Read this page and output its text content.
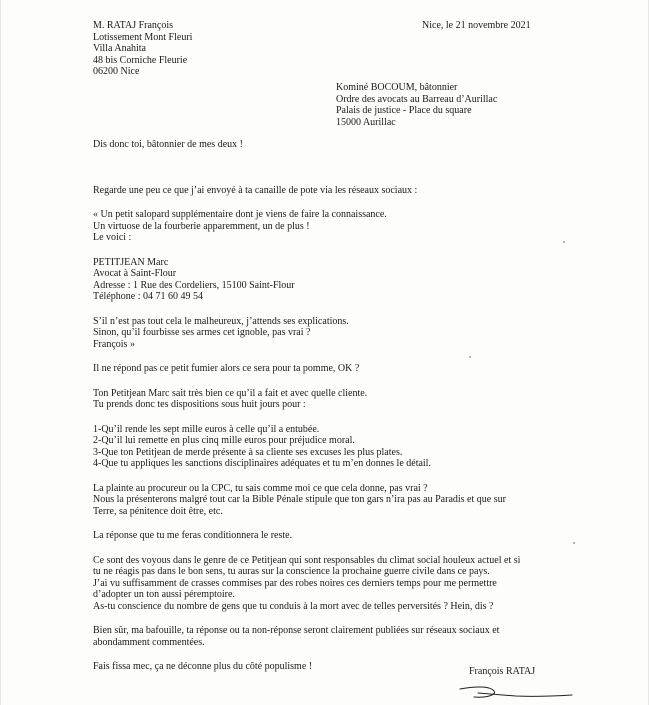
M. RATAJ François
Lotissement Mont Fleuri
Villa Anahita
48 bis Corniche Fleurie
06200 Nice
Nice, le 21 novembre 2021
Kominé BOCOUM, bâtonnier
Ordre des avocats au Barreau d’Aurillac
Palais de justice - Place du square
15000 Aurillac

Dis donc toi, bâtonnier de mes deux !

Regarde une peu ce que j’ai envoyé à ta canaille de pote via les réseaux sociaux :

« Un petit salopard supplémentaire dont je viens de faire la connaissance.

Un virtuose de la fourberie apparemment, un de plus !

Le voici :

PETITJEAN Marc

Avocat à Saint-Flour

Adresse : 1 Rue des Cordeliers, 15100 Saint-Flour

Téléphone : 04 71 60 49 54

S’il n’est pas tout cela le malheureux, j’attends ses explications.

Sinon, qu’il fourbisse ses armes cet ignoble, pas vrai ?

François »

Il ne répond pas ce petit fumier alors ce sera pour ta pomme, OK ?

Ton Petitjean Marc sait très bien ce qu’il a fait et avec quelle cliente.

Tu prends donc tes dispositions sous huit jours pour :

1-Qu’il rende les sept mille euros à celle qu’il a entubée.

2-Qu’il lui remette en plus cinq mille euros pour préjudice moral.

3-Que ton Petitjean de merde présente à sa cliente ses excuses les plus plates.

4-Que tu appliques les sanctions disciplinaires adéquates et tu m’en donnes le détail.

La plainte au procureur ou la CPC, tu sais comme moi ce que cela donne, pas vrai ?

Nous la présenterons malgré tout car la Bible Pénale stipule que ton gars n’ira pas au Paradis et que sur

Terre, sa pénitence doit être, etc.

La réponse que tu me feras conditionnera le reste.

Ce sont des voyous dans le genre de ce Petitjean qui sont responsables du climat social houleux actuel et si

tu ne réagis pas dans le bon sens, tu auras sur la conscience la prochaine guerre civile dans ce pays.

J’ai vu suffisamment de crasses commises par des robes noires ces derniers temps pour me permettre

d’adopter un ton aussi péremptoire.

As-tu conscience du nombre de gens que tu conduis à la mort avec de telles perversités ? Hein, dis ?

Bien sûr, ma bafouille, ta réponse ou ta non-réponse seront clairement publiées sur réseaux sociaux et

abondamment commentées.

Fais fissa mec, ça ne déconne plus du côté populisme !	François RATAJ
